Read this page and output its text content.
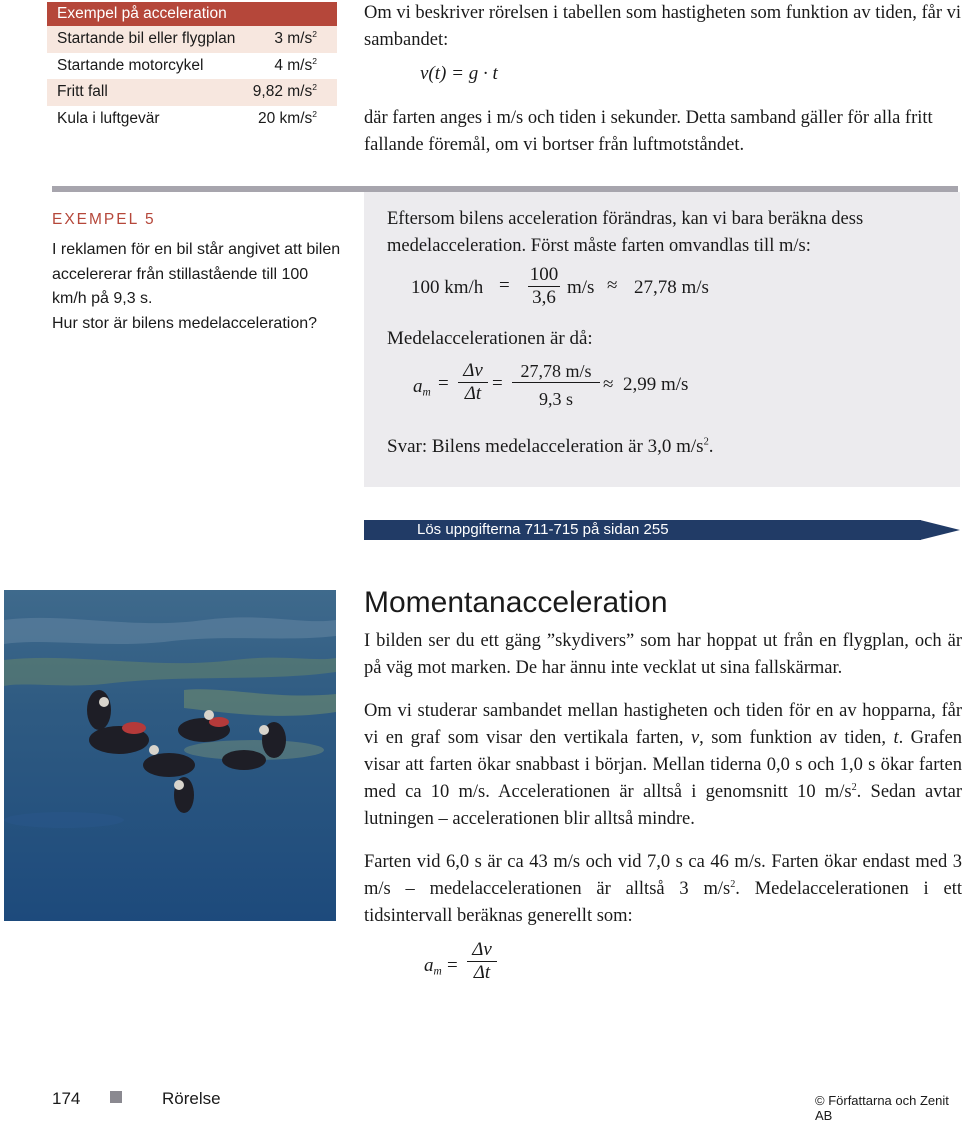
Exempel på acceleration
Startande bil eller flygplan	3 $m/s^2$
Startande motorcykel	4 $m/s^2$
Fritt fall	9,82 $m/s^2$
Kula i luftgevär	20 $km/s^2$

Om vi beskriver rörelsen i tabellen som hastigheten som funktion av tiden, får vi sambandet:

v(t) = g · t

där farten anges i m/s och tiden i sekunder. Detta samband gäller för alla fritt fallande föremål, om vi bortser från luftmotståndet.

EXEMPEL 5

I reklamen för en bil står angivet att bilen accelererar från stillastående till 100 km/h på 9,3 s.

Hur stor är bilens medelacceleration?

Eftersom bilens acceleration förändras, kan vi bara beräkna dess medelacceleration. Först måste farten omvandlas till m/s:

100 km/h =
100
3,6 m/s ≈ 27,78 m/s
Medelaccelerationen är då:
$a_m$ =
Δv
Δt =
27,78 m/s
9,3 s
≈ 2,99 m/s
Svar: Bilens medelacceleration är 3,0 $m/s^2$.
Lös uppgifterna 711-715 på sidan 255
Momentanacceleration

I bilden ser du ett gäng ”skydivers” som har hoppat ut från en flygplan, och är på väg mot marken. De har ännu inte vecklat ut sina fallskärmar.

Om vi studerar sambandet mellan hastigheten och tiden för en av hopparna, får vi en graf som visar den vertikala farten, v, som funktion av tiden, t. Grafen visar att farten ökar snabbast i början. Mellan tiderna 0,0 s och 1,0 s ökar farten med ca 10 m/s. Accelerationen är alltså i genomsnitt 10 $m/s^2$. Sedan avtar lutningen – accelerationen blir alltså mindre.

Farten vid 6,0 s är ca 43 m/s och vid 7,0 s ca 46 m/s. Farten ökar endast med 3 m/s – medelaccelerationen är alltså 3 $m/s^2$. Medelaccelerationen i ett tidsintervall beräknas generellt som:

$a_m$ =
Δv
Δt
174	Rörelse	© Författarna och Zenit AB
